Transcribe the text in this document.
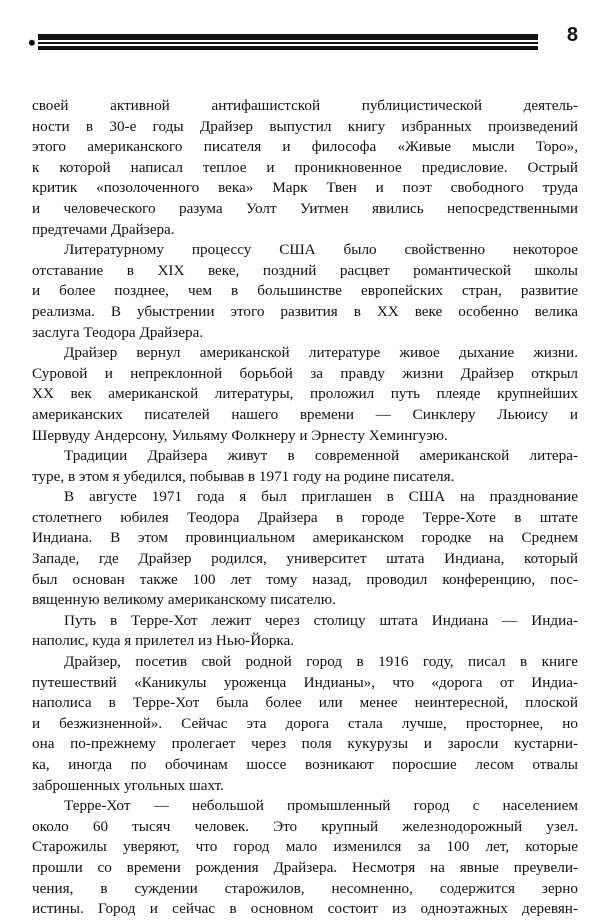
•	8
своей активной антифашистской публицистической деятель-
ности в 30-е годы Драйзер выпустил книгу избранных произведений
этого американского писателя и философа «Живые мысли Торо»,
к которой написал теплое и проникновенное предисловие. Острый
критик «позолоченного века» Марк Твен и поэт свободного труда
и человеческого разума Уолт Уитмен явились непосредственными
предтечами Драйзера.
Литературному процессу США было свойственно некоторое
отставание в XIX веке, поздний расцвет романтической школы
и более позднее, чем в большинстве европейских стран, развитие
реализма. В убыстрении этого развития в XX веке особенно велика
заслуга Теодора Драйзера.
Драйзер вернул американской литературе живое дыхание жизни.
Суровой и непреклонной борьбой за правду жизни Драйзер открыл
XX век американской литературы, проложил путь плеяде крупнейших
американских писателей нашего времени — Синклеру Льюису и
Шервуду Андерсону, Уильяму Фолкнеру и Эрнесту Хемингуэю.
Традиции Драйзера живут в современной американской литера-
туре, в этом я убедился, побывав в 1971 году на родине писателя.
В августе 1971 года я был приглашен в США на празднование
столетнего юбилея Теодора Драйзера в городе Терре-Хоте в штате
Индиана. В этом провинциальном американском городке на Среднем
Западе, где Драйзер родился, университет штата Индиана, который
был основан также 100 лет тому назад, проводил конференцию, пос-
вященную великому американскому писателю.
Путь в Терре-Хот лежит через столицу штата Индиана — Индиа-
наполис, куда я прилетел из Нью-Йорка.
Драйзер, посетив свой родной город в 1916 году, писал в книге
путешествий «Каникулы уроженца Индианы», что «дорога от Индиа-
наполиса в Терре-Хот была более или менее неинтересной, плоской
и безжизненной». Сейчас эта дорога стала лучше, просторнее, но
она по-прежнему пролегает через поля кукурузы и заросли кустарни-
ка, иногда по обочинам шоссе возникают поросшие лесом отвалы
заброшенных угольных шахт.
Терре-Хот — небольшой промышленный город с населением
около 60 тысяч человек. Это крупный железнодорожный узел.
Старожилы уверяют, что город мало изменился за 100 лет, которые
прошли со времени рождения Драйзера. Несмотря на явные преувели-
чения, в суждении старожилов, несомненно, содержится зерно
истины. Город и сейчас в основном состоит из одноэтажных деревян-
